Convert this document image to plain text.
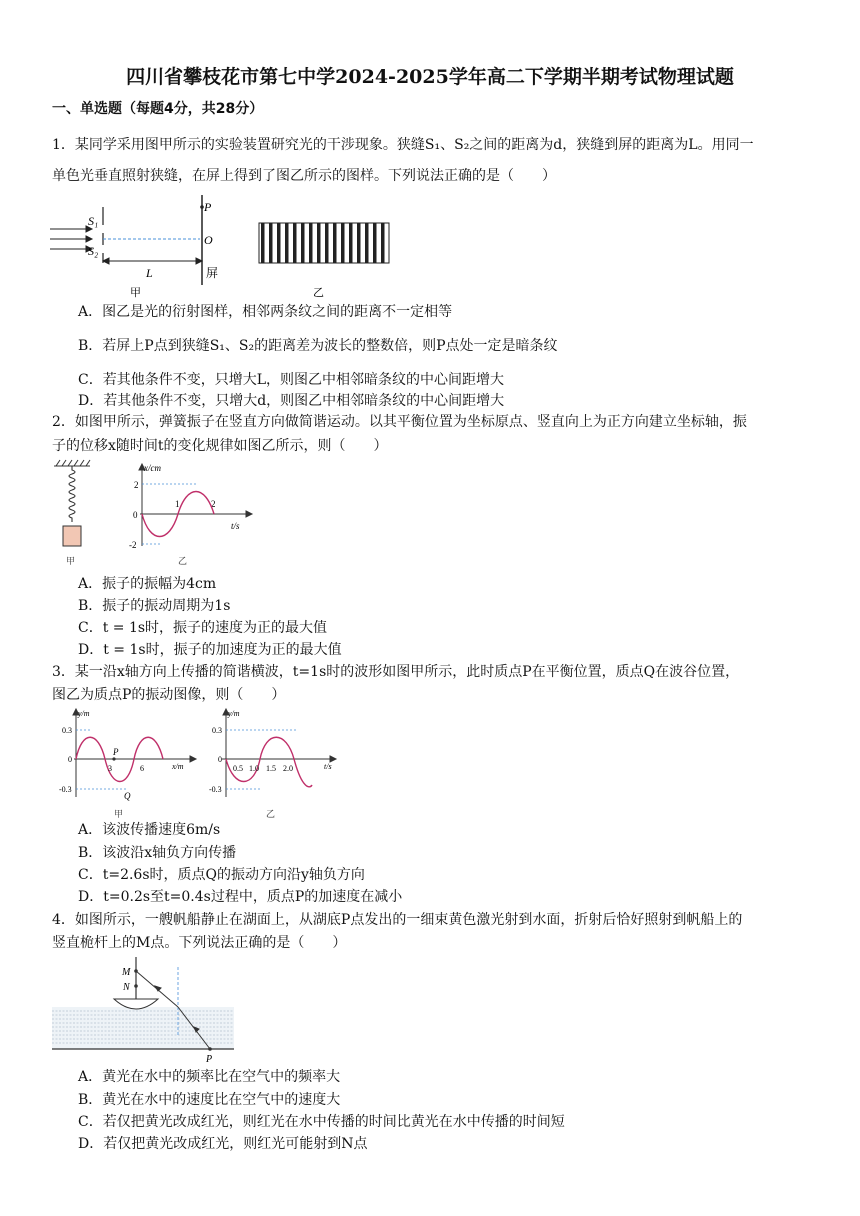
四川省攀枝花市第七中学2024-2025学年高二下学期半期考试物理试题
一、单选题（每题4分，共28分）
1．某同学采用图甲所示的实验装置研究光的干涉现象。狭缝S₁、S₂之间的距离为d，狭缝到屏的距离为L。用同一
单色光垂直照射狭缝，在屏上得到了图乙所示的图样。下列说法正确的是（　　）
S₁
S₂
P
O
屏
L
甲	乙
A．图乙是光的衍射图样，相邻两条纹之间的距离不一定相等
B．若屏上P点到狭缝S₁、S₂的距离差为波长的整数倍，则P点处一定是暗条纹
C．若其他条件不变，只增大L，则图乙中相邻暗条纹的中心间距增大
D．若其他条件不变，只增大d，则图乙中相邻暗条纹的中心间距增大
2．如图甲所示，弹簧振子在竖直方向做简谐运动。以其平衡位置为坐标原点、竖直向上为正方向建立坐标轴，振
子的位移x随时间t的变化规律如图乙所示，则（　　）
甲
x/cm
t/s
2
0
-2
1	2
乙
A．振子的振幅为4cm
B．振子的振动周期为1s
C．t = 1s时，振子的速度为正的最大值
D．t = 1s时，振子的加速度为正的最大值
3．某一沿x轴方向上传播的简谐横波，t=1s时的波形如图甲所示，此时质点P在平衡位置，质点Q在波谷位置，
图乙为质点P的振动图像，则（　　）
y/m
x/m
0.3
0
-0.3
P
3	6
Q
甲
y/m
t/s
0.3
0
-0.3
0.5 1.0 1.5 2.0
乙
A．该波传播速度6m/s
B．该波沿x轴负方向传播
C．t=2.6s时，质点Q的振动方向沿y轴负方向
D．t=0.2s至t=0.4s过程中，质点P的加速度在减小
4．如图所示，一艘帆船静止在湖面上，从湖底P点发出的一细束黄色激光射到水面，折射后恰好照射到帆船上的
竖直桅杆上的M点。下列说法正确的是（　　）
M
N
P
A．黄光在水中的频率比在空气中的频率大
B．黄光在水中的速度比在空气中的速度大
C．若仅把黄光改成红光，则红光在水中传播的时间比黄光在水中传播的时间短
D．若仅把黄光改成红光，则红光可能射到N点
